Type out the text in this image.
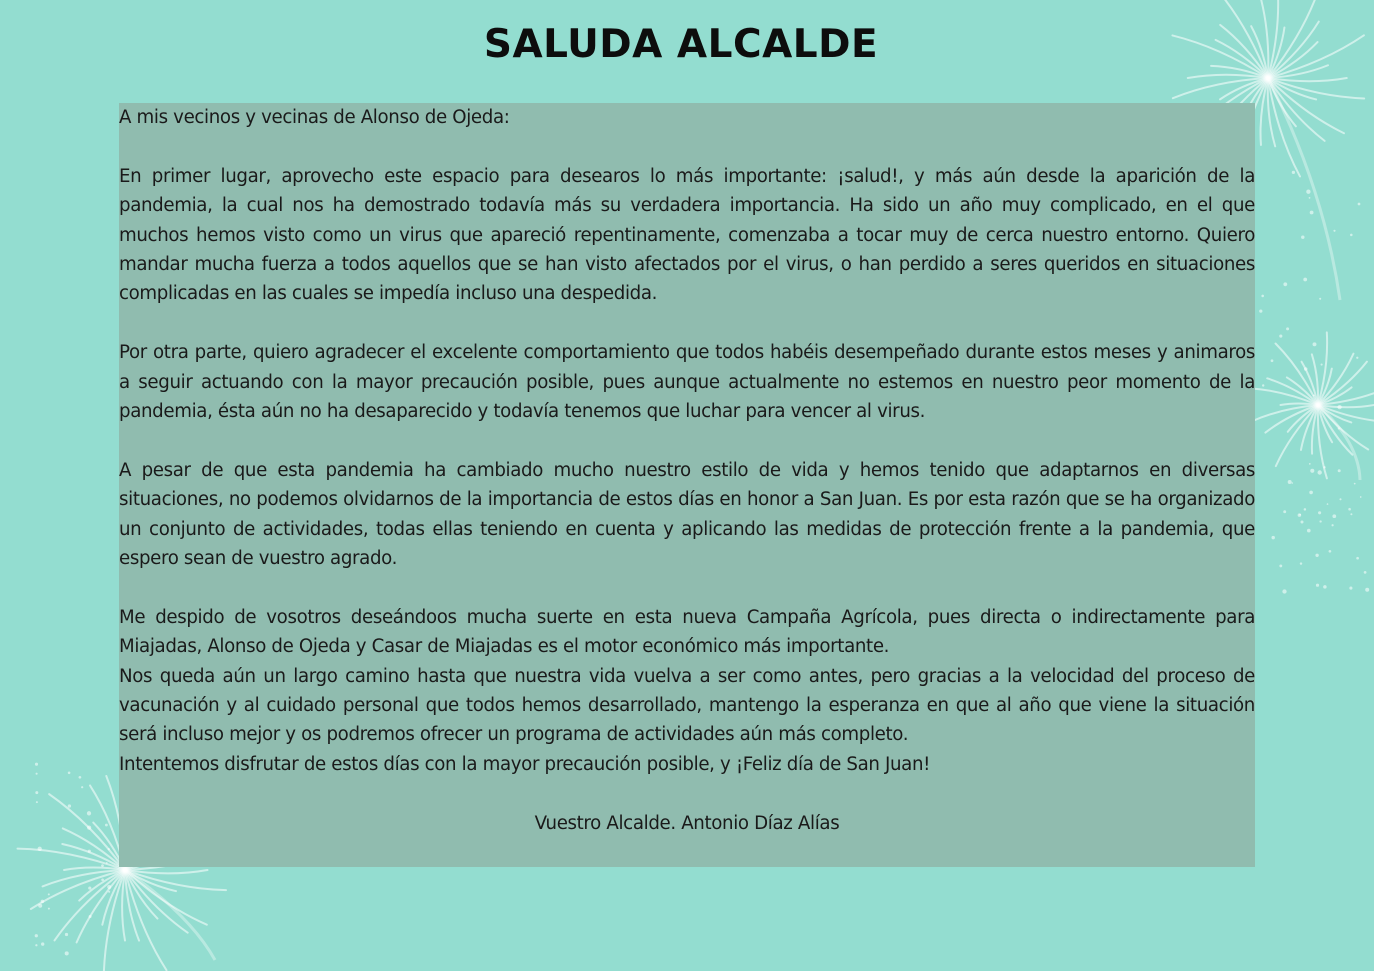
SALUDA ALCALDE

A mis vecinos y vecinas de Alonso de Ojeda:

En primer lugar, aprovecho este espacio para desearos lo más importante: ¡salud!, y más aún desde la aparición de la pandemia, la cual nos ha demostrado todavía más su verdadera importancia. Ha sido un año muy complicado, en el que muchos hemos visto como un virus que apareció repentinamente, comenzaba a tocar muy de cerca nuestro entorno. Quiero mandar mucha fuerza a todos aquellos que se han visto afectados por el virus, o han perdido a seres queridos en situaciones complicadas en las cuales se impedía incluso una despedida.

Por otra parte, quiero agradecer el excelente comportamiento que todos habéis desempeñado durante estos meses y animaros a seguir actuando con la mayor precaución posible, pues aunque actualmente no estemos en nuestro peor momento de la pandemia, ésta aún no ha desaparecido y todavía tenemos que luchar para vencer al virus.

A pesar de que esta pandemia ha cambiado mucho nuestro estilo de vida y hemos tenido que adaptarnos en diversas situaciones, no podemos olvidarnos de la importancia de estos días en honor a San Juan. Es por esta razón que se ha organizado un conjunto de actividades, todas ellas teniendo en cuenta y aplicando las medidas de protección frente a la pandemia, que espero sean de vuestro agrado.

Me despido de vosotros deseándoos mucha suerte en esta nueva Campaña Agrícola, pues directa o indirectamente para Miajadas, Alonso de Ojeda y Casar de Miajadas es el motor económico más importante.

Nos queda aún un largo camino hasta que nuestra vida vuelva a ser como antes, pero gracias a la velocidad del proceso de vacunación y al cuidado personal que todos hemos desarrollado, mantengo la esperanza en que al año que viene la situación será incluso mejor y os podremos ofrecer un programa de actividades aún más completo.

Intentemos disfrutar de estos días con la mayor precaución posible, y ¡Feliz día de San Juan!

Vuestro Alcalde. Antonio Díaz Alías
